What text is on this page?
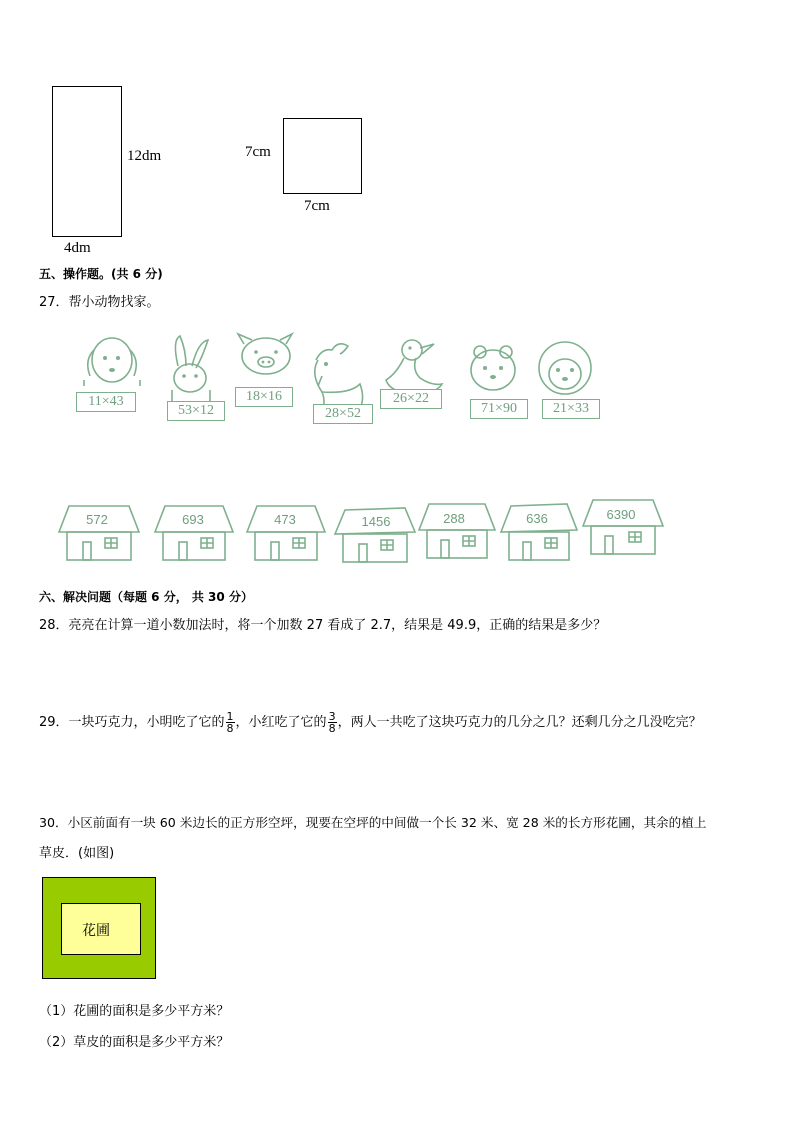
12dm
4dm
7cm
7cm
五、操作题。(共 6 分)
27．帮小动物找家。
11×43
53×12
18×16
28×52
26×22
71×90	21×33
572	693	473	1456	288	636	6390
六、解决问题（每题 6 分， 共 30 分）
28．亮亮在计算一道小数加法时，将一个加数 27 看成了 2.7，结果是 49.9，正确的结果是多少？
29．一块巧克力，小明吃了它的 $\frac{1}{8}$ ，小红吃了它的 $\frac{3}{8}$ ，两人一共吃了这块巧克力的几分之几？还剩几分之几没吃完？
30．小区前面有一块 60 米边长的正方形空坪，现要在空坪的中间做一个长 32 米、宽 28 米的长方形花圃，其余的植上
草皮．(如图)
花圃
（1）花圃的面积是多少平方米？
（2）草皮的面积是多少平方米？
